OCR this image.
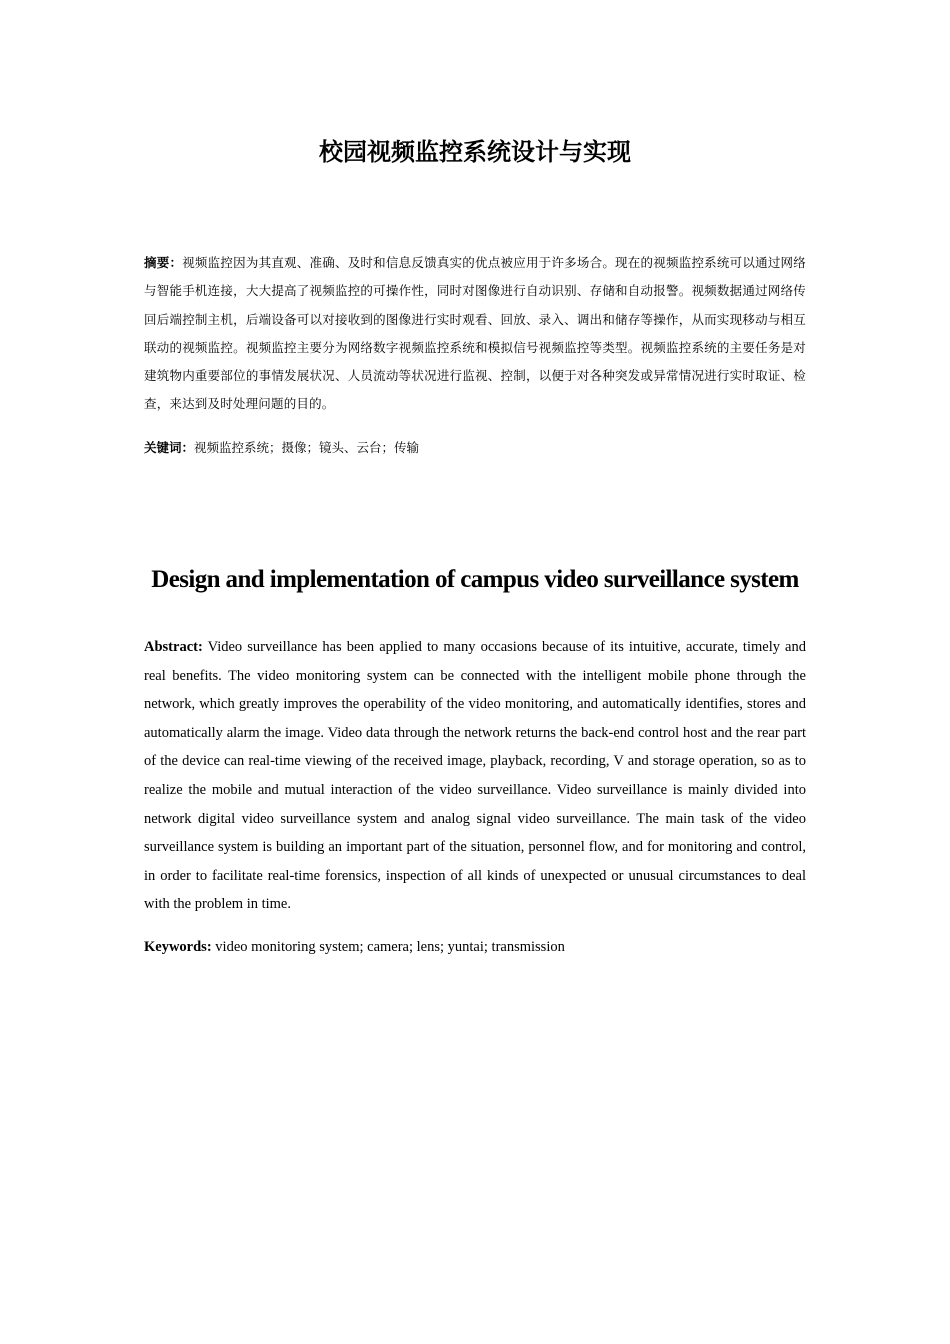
校园视频监控系统设计与实现

摘要：视频监控因为其直观、准确、及时和信息反馈真实的优点被应用于许多场合。现在的视频监控系统可以通过网络与智能手机连接，大大提高了视频监控的可操作性，同时对图像进行自动识别、存储和自动报警。视频数据通过网络传回后端控制主机，后端设备可以对接收到的图像进行实时观看、回放、录入、调出和储存等操作，从而实现移动与相互联动的视频监控。视频监控主要分为网络数字视频监控系统和模拟信号视频监控等类型。视频监控系统的主要任务是对建筑物内重要部位的事情发展状况、人员流动等状况进行监视、控制，以便于对各种突发或异常情况进行实时取证、检查，来达到及时处理问题的目的。

关键词：视频监控系统；摄像；镜头、云台；传输

Design and implementation of campus video surveillance system

Abstract: Video surveillance has been applied to many occasions because of its intuitive, accurate, timely and real benefits. The video monitoring system can be connected with the intelligent mobile phone through the network, which greatly improves the operability of the video monitoring, and automatically identifies, stores and automatically alarm the image. Video data through the network returns the back-end control host and the rear part of the device can real-time viewing of the received image, playback, recording, V and storage operation, so as to realize the mobile and mutual interaction of the video surveillance. Video surveillance is mainly divided into network digital video surveillance system and analog signal video surveillance. The main task of the video surveillance system is building an important part of the situation, personnel flow, and for monitoring and control, in order to facilitate real-time forensics, inspection of all kinds of unexpected or unusual circumstances to deal with the problem in time.

Keywords: video monitoring system; camera; lens; yuntai; transmission
